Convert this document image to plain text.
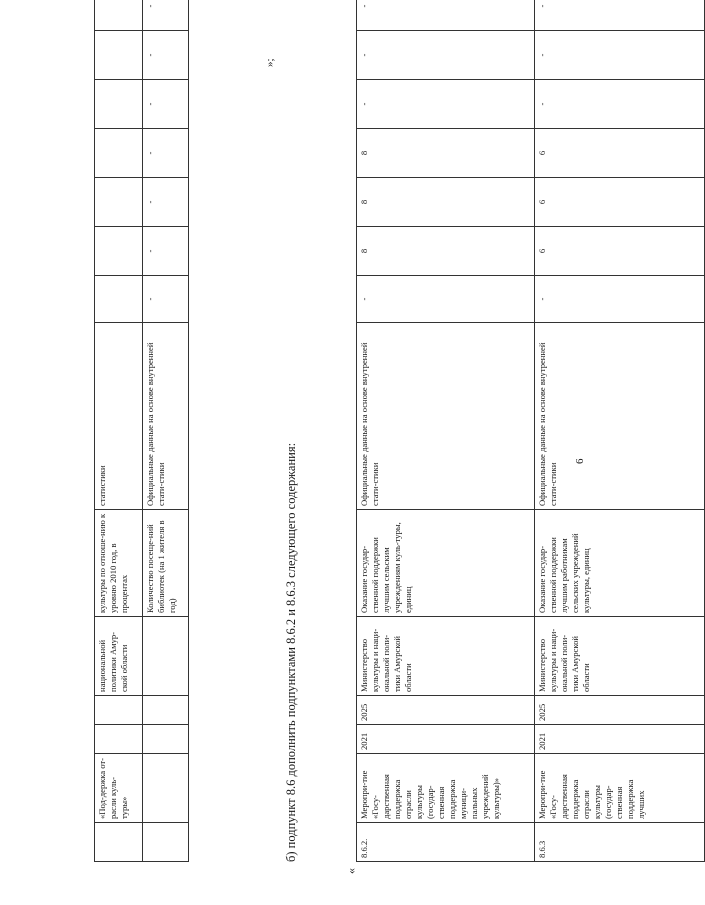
	«Под-держка от-расли куль-туры»			национальной политики Амур-ской области	культуры по отноше-нию к уровню 2010 год, в процентах	статистики							
					Количество посеще-ний библиотек (на 1 жителя в год)	Официальные данные на основе внутренней стати-стики	-	-	-	-	-	-	-
6
»;
б) подпункт 8.6 дополнить подпунктами 8.6.2 и 8.6.3 следующего содержания:
«
8.6.2.	Меропри-тие «Госу-дарственная поддержка отрасли культуры (государ-ственная поддержка муници-пальных учреждений культуры)»	2021	2025	Министерство культуры и наци-ональной поли-тики Амурской области	Оказание государ-ственной поддержки лучшим сельским учреждениям куль-туры, единиц	Официальные данные на основе внутренней стати-стики	-	8	8	8	-	-	-
8.6.3	Меропри-тие «Госу-дарственная поддержка отрасли культуры (государ-ственная поддержка лучших	2021	2025	Министерство культуры и наци-ональной поли-тики Амурской области	Оказание государ-ственной поддержки лучшим работникам сельских учреждений культуры, единиц	Официальные данные на основе внутренней стати-стики	-	6	6	6	-	-	-
